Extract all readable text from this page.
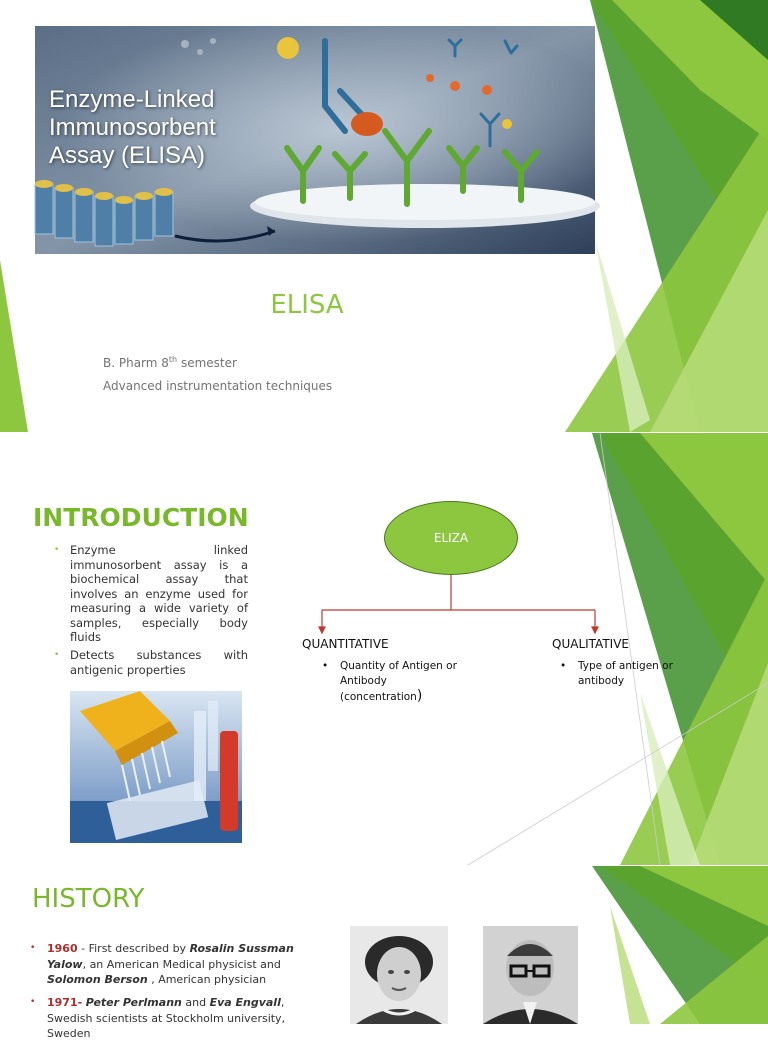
Enzyme-Linked
Immunosorbent
Assay (ELISA)
ELISA
B. Pharm 8th semester
Advanced instrumentation techniques
INTRODUCTION
• Enzyme linked immunosorbent assay is a biochemical assay that involves an enzyme used for measuring a wide variety of samples, especially body fluids
• Detects substances with antigenic properties
ELIZA
QUANTITATIVE
• Quantity of Antigen or Antibody (concentration)
QUALITATIVE
• Type of antigen or antibody
HISTORY
• 1960 - First described by Rosalin Sussman Yalow, an American Medical physicist and Solomon Berson , American physician
• 1971- Peter Perlmann and Eva Engvall, Swedish scientists at Stockholm university, Sweden
